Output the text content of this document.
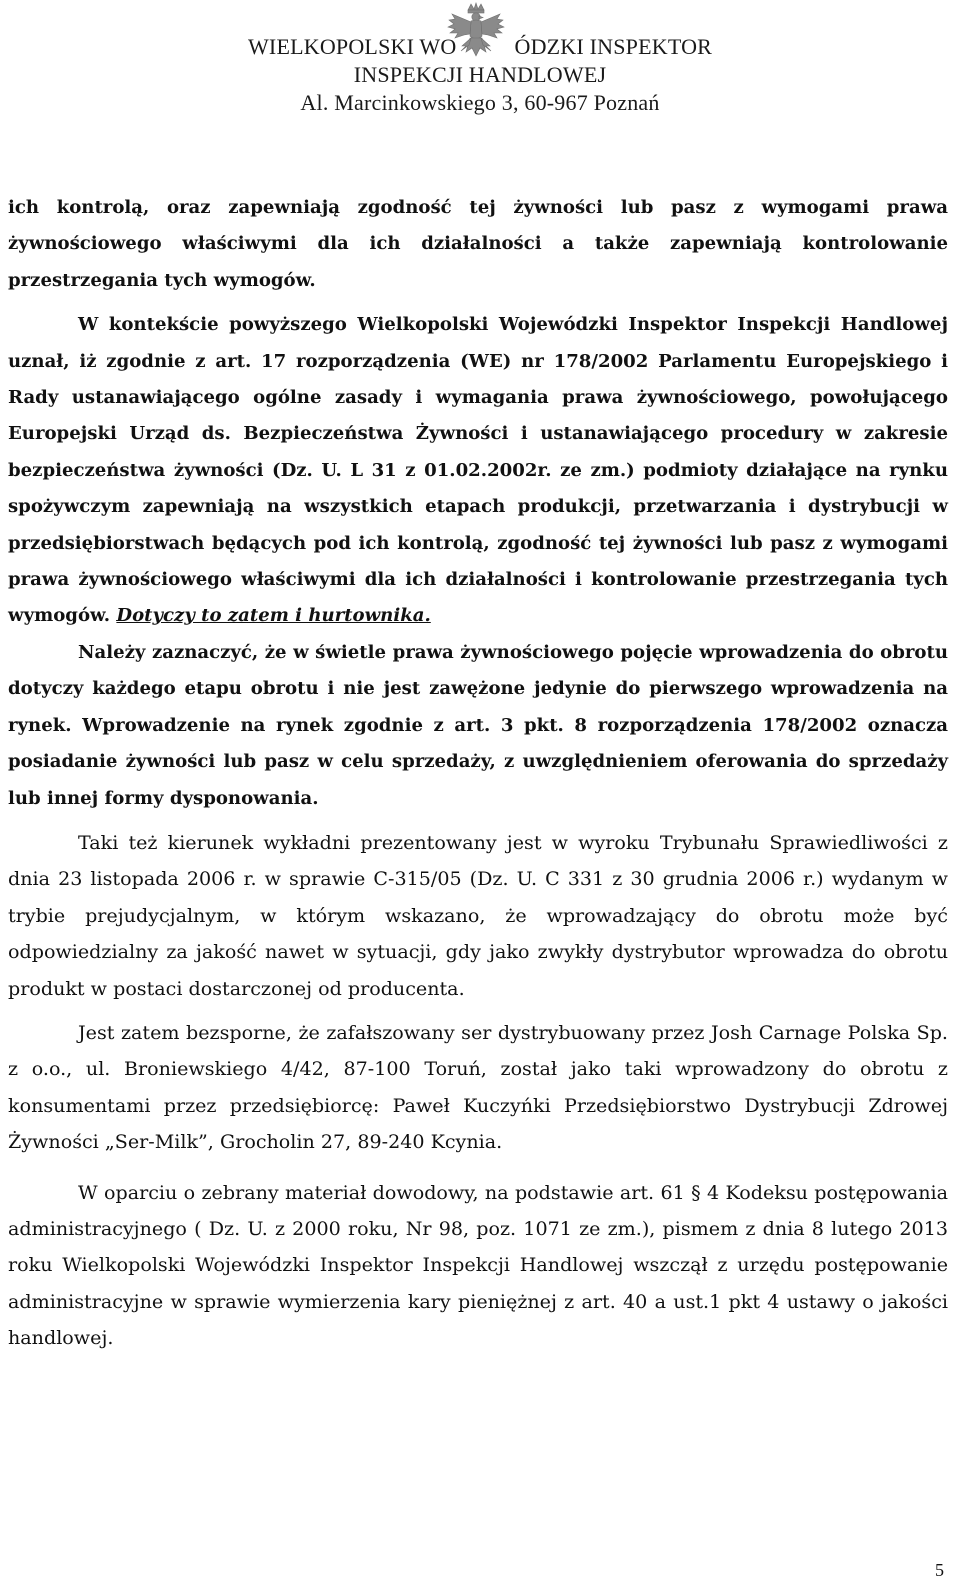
WIELKOPOLSKI WO	ÓDZKI INSPEKTOR
INSPEKCJI HANDLOWEJ
Al. Marcinkowskiego 3, 60-967 Poznań

ich kontrolą, oraz zapewniają zgodność tej żywności lub pasz z wymogami prawa żywnościowego właściwymi dla ich działalności a także zapewniają kontrolowanie przestrzegania tych wymogów.

W kontekście powyższego Wielkopolski Wojewódzki Inspektor Inspekcji Handlowej uznał, iż zgodnie z art. 17 rozporządzenia (WE) nr 178/2002 Parlamentu Europejskiego i Rady ustanawiającego ogólne zasady i wymagania prawa żywnościowego, powołującego Europejski Urząd ds. Bezpieczeństwa Żywności i ustanawiającego procedury w zakresie bezpieczeństwa żywności (Dz. U. L 31 z 01.02.2002r. ze zm.) podmioty działające na rynku spożywczym zapewniają na wszystkich etapach produkcji, przetwarzania i dystrybucji w przedsiębiorstwach będących pod ich kontrolą, zgodność tej żywności lub pasz z wymogami prawa żywnościowego właściwymi dla ich działalności i kontrolowanie przestrzegania tych wymogów. Dotyczy to zatem i hurtownika.

Należy zaznaczyć, że w świetle prawa żywnościowego pojęcie wprowadzenia do obrotu dotyczy każdego etapu obrotu i nie jest zawężone jedynie do pierwszego wprowadzenia na rynek. Wprowadzenie na rynek zgodnie z art. 3 pkt. 8 rozporządzenia 178/2002 oznacza posiadanie żywności lub pasz w celu sprzedaży, z uwzględnieniem oferowania do sprzedaży lub innej formy dysponowania.

Taki też kierunek wykładni prezentowany jest w wyroku Trybunału Sprawiedliwości z dnia 23 listopada 2006 r. w sprawie C-315/05 (Dz. U. C 331 z 30 grudnia 2006 r.) wydanym w trybie prejudycjalnym, w którym wskazano, że wprowadzający do obrotu może być odpowiedzialny za jakość nawet w sytuacji, gdy jako zwykły dystrybutor wprowadza do obrotu produkt w postaci dostarczonej od producenta.

Jest zatem bezsporne, że zafałszowany ser dystrybuowany przez Josh Carnage Polska Sp. z o.o., ul. Broniewskiego 4/42, 87-100 Toruń, został jako taki wprowadzony do obrotu z konsumentami przez przedsiębiorcę: Paweł Kuczyńki Przedsiębiorstwo Dystrybucji Zdrowej Żywności „Ser-Milk”, Grocholin 27, 89-240 Kcynia.

W oparciu o zebrany materiał dowodowy, na podstawie art. 61 § 4 Kodeksu postępowania administracyjnego ( Dz. U. z 2000 roku, Nr 98, poz. 1071 ze zm.), pismem z dnia 8 lutego 2013 roku Wielkopolski Wojewódzki Inspektor Inspekcji Handlowej wszczął z urzędu postępowanie administracyjne w sprawie wymierzenia kary pieniężnej z art. 40 a ust.1 pkt 4 ustawy o jakości handlowej.

5
